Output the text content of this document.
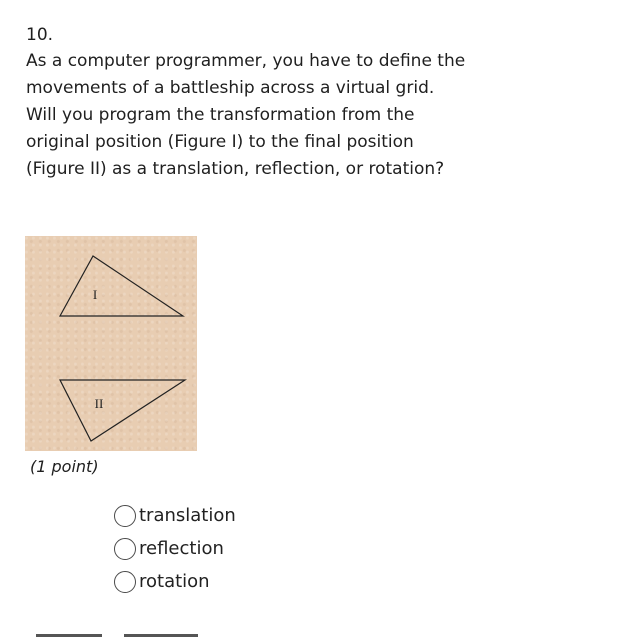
10.

As a computer programmer, you have to define the movements of a battleship across a virtual grid. Will you program the transformation from the original position (Figure I) to the final position (Figure II) as a translation, reflection, or rotation?

I
II
(1 point)
translation
reflection
rotation
